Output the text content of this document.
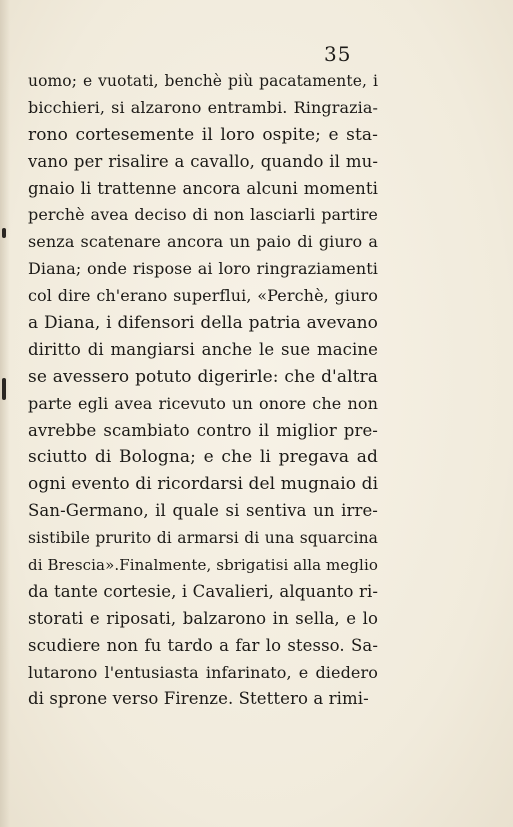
35
uomo; e vuotati, benchè più pacatamente, i
bicchieri, si alzarono entrambi. Ringrazia-
rono cortesemente il loro ospite; e sta-
vano per risalire a cavallo, quando il mu-
gnaio li trattenne ancora alcuni momenti
perchè avea deciso di non lasciarli partire
senza scatenare ancora un paio di giuro a
Diana; onde rispose ai loro ringraziamenti
col dire ch'erano superflui, «Perchè, giuro
a Diana, i difensori della patria avevano
diritto di mangiarsi anche le sue macine
se avessero potuto digerirle: che d'altra
parte egli avea ricevuto un onore che non
avrebbe scambiato contro il miglior pre-
sciutto di Bologna; e che li pregava ad
ogni evento di ricordarsi del mugnaio di
San-Germano, il quale si sentiva un irre-
sistibile prurito di armarsi di una squarcina
di Brescia».Finalmente, sbrigatisi alla meglio
da tante cortesie, i Cavalieri, alquanto ri-
storati e riposati, balzarono in sella, e lo
scudiere non fu tardo a far lo stesso. Sa-
lutarono l'entusiasta infarinato, e diedero
di sprone verso Firenze. Stettero a rimi-
